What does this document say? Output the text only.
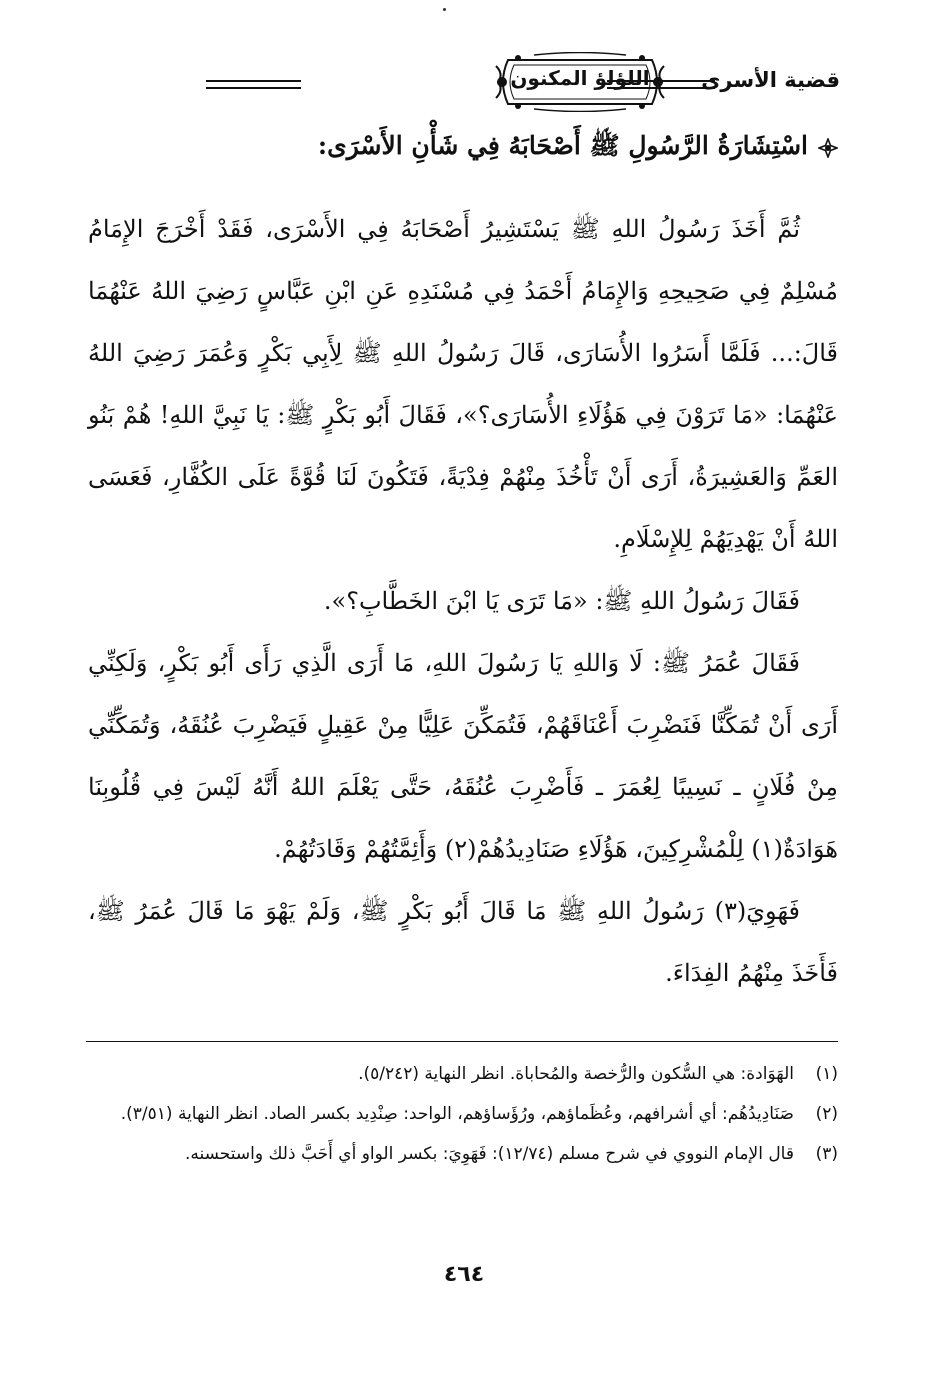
قضية الأسرى
اللؤلؤ المكنون
اسْتِشَارَةُ الرَّسُولِ ﷺ أَصْحَابَهُ فِي شَأْنِ الأَسْرَى:

ثُمَّ أَخَذَ رَسُولُ اللهِ ﷺ يَسْتَشِيرُ أَصْحَابَهُ فِي الأَسْرَى، فَقَدْ أَخْرَجَ الإِمَامُ مُسْلِمٌ فِي صَحِيحِهِ وَالإِمَامُ أَحْمَدُ فِي مُسْنَدِهِ عَنِ ابْنِ عَبَّاسٍ رَضِيَ اللهُ عَنْهُمَا قَالَ:... فَلَمَّا أَسَرُوا الأُسَارَى، قَالَ رَسُولُ اللهِ ﷺ لِأَبِي بَكْرٍ وَعُمَرَ رَضِيَ اللهُ عَنْهُمَا: «مَا تَرَوْنَ فِي هَؤُلَاءِ الأُسَارَى؟»، فَقَالَ أَبُو بَكْرٍ ﷺ: يَا نَبِيَّ اللهِ! هُمْ بَنُو العَمِّ وَالعَشِيرَةُ، أَرَى أَنْ تَأْخُذَ مِنْهُمْ فِدْيَةً، فَتَكُونَ لَنَا قُوَّةً عَلَى الكُفَّارِ، فَعَسَى اللهُ أَنْ يَهْدِيَهُمْ لِلإِسْلَامِ.

فَقَالَ رَسُولُ اللهِ ﷺ: «مَا تَرَى يَا ابْنَ الخَطَّابِ؟».

فَقَالَ عُمَرُ ﷺ: لَا وَاللهِ يَا رَسُولَ اللهِ، مَا أَرَى الَّذِي رَأَى أَبُو بَكْرٍ، وَلَكِنِّي أَرَى أَنْ تُمَكِّنَّا فَنَضْرِبَ أَعْنَاقَهُمْ، فَتُمَكِّنَ عَلِيًّا مِنْ عَقِيلٍ فَيَضْرِبَ عُنُقَهُ، وَتُمَكِّنِّي مِنْ فُلَانٍ ـ نَسِيبًا لِعُمَرَ ـ فَأَضْرِبَ عُنُقَهُ، حَتَّى يَعْلَمَ اللهُ أَنَّهُ لَيْسَ فِي قُلُوبِنَا هَوَادَةٌ(١) لِلْمُشْرِكِينَ، هَؤُلَاءِ صَنَادِيدُهُمْ(٢) وَأَئِمَّتُهُمْ وَقَادَتُهُمْ.

فَهَوِيَ(٣) رَسُولُ اللهِ ﷺ مَا قَالَ أَبُو بَكْرٍ ﷺ، وَلَمْ يَهْوَ مَا قَالَ عُمَرُ ﷺ، فَأَخَذَ مِنْهُمُ الفِدَاءَ.

(١)
الهَوَادة: هي السُّكون والرُّخصة والمُحاباة. انظر النهاية (٥/٢٤٢).
(٢)
صَنَادِيدُهُم: أي أشرافهم، وعُظَماؤهم، ورُؤَساؤهم، الواحد: صِنْدِيد بكسر الصاد. انظر النهاية (٣/٥١).
(٣)
قال الإمام النووي في شرح مسلم (١٢/٧٤): فَهَوِيَ: بكسر الواو أي أَحَبَّ ذلك واستحسنه.
٤٦٤
